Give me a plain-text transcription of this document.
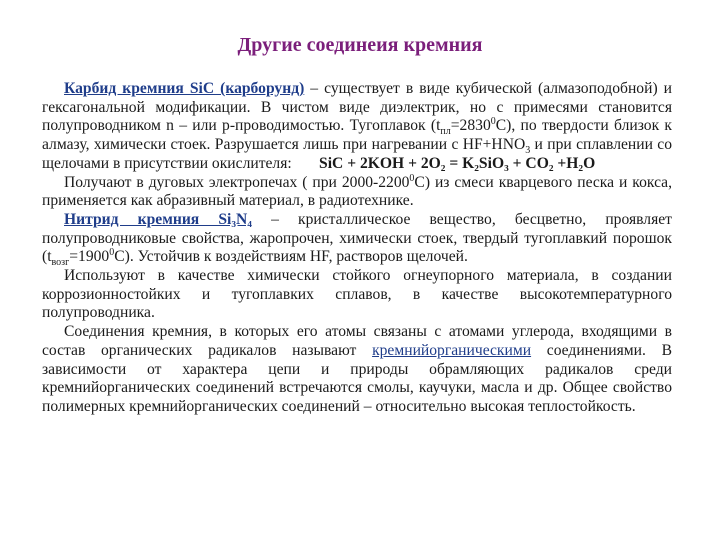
Другие соединеия кремния

Карбид кремния SiC (карборунд) – существует в виде кубической (алмазоподобной) и гексагональной модификации. В чистом виде диэлектрик, но с примесями становится полупроводником n – или p-проводимостью. Тугоплавок $(t_{пл}=2830^0C)$, по твердости близок к алмазу, химически стоек. Разрушается лишь при нагревании с $HF+HNO_3$ и при сплавлении со щелочами в присутствии окислителя: SiC + 2KOH + 2O₂ = K₂SiO₃ + CO₂ +H₂O

Получают в дуговых электропечах ( при 2000-2200$^0$С) из смеси кварцевого песка и кокса, применяется как абразивный материал, в радиотехнике.

Нитрид кремния Si₃N₄ – кристаллическое вещество, бесцветно, проявляет полупроводниковые свойства, жаропрочен, химически стоек, твердый тугоплавкий порошок $(t_{возг}=1900^0С)$. Устойчив к воздействиям HF, растворов щелочей.

Используют в качестве химически стойкого огнеупорного материала, в создании коррозионностойких и тугоплавких сплавов, в качестве высокотемпературного полупроводника.

Соединения кремния, в которых его атомы связаны с атомами углерода, входящими в состав органических радикалов называют кремнийорганическими соединениями. В зависимости от характера цепи и природы обрамляющих радикалов среди кремнийорганических соединений встречаются смолы, каучуки, масла и др. Общее свойство полимерных кремнийорганических соединений – относительно высокая теплостойкость.
